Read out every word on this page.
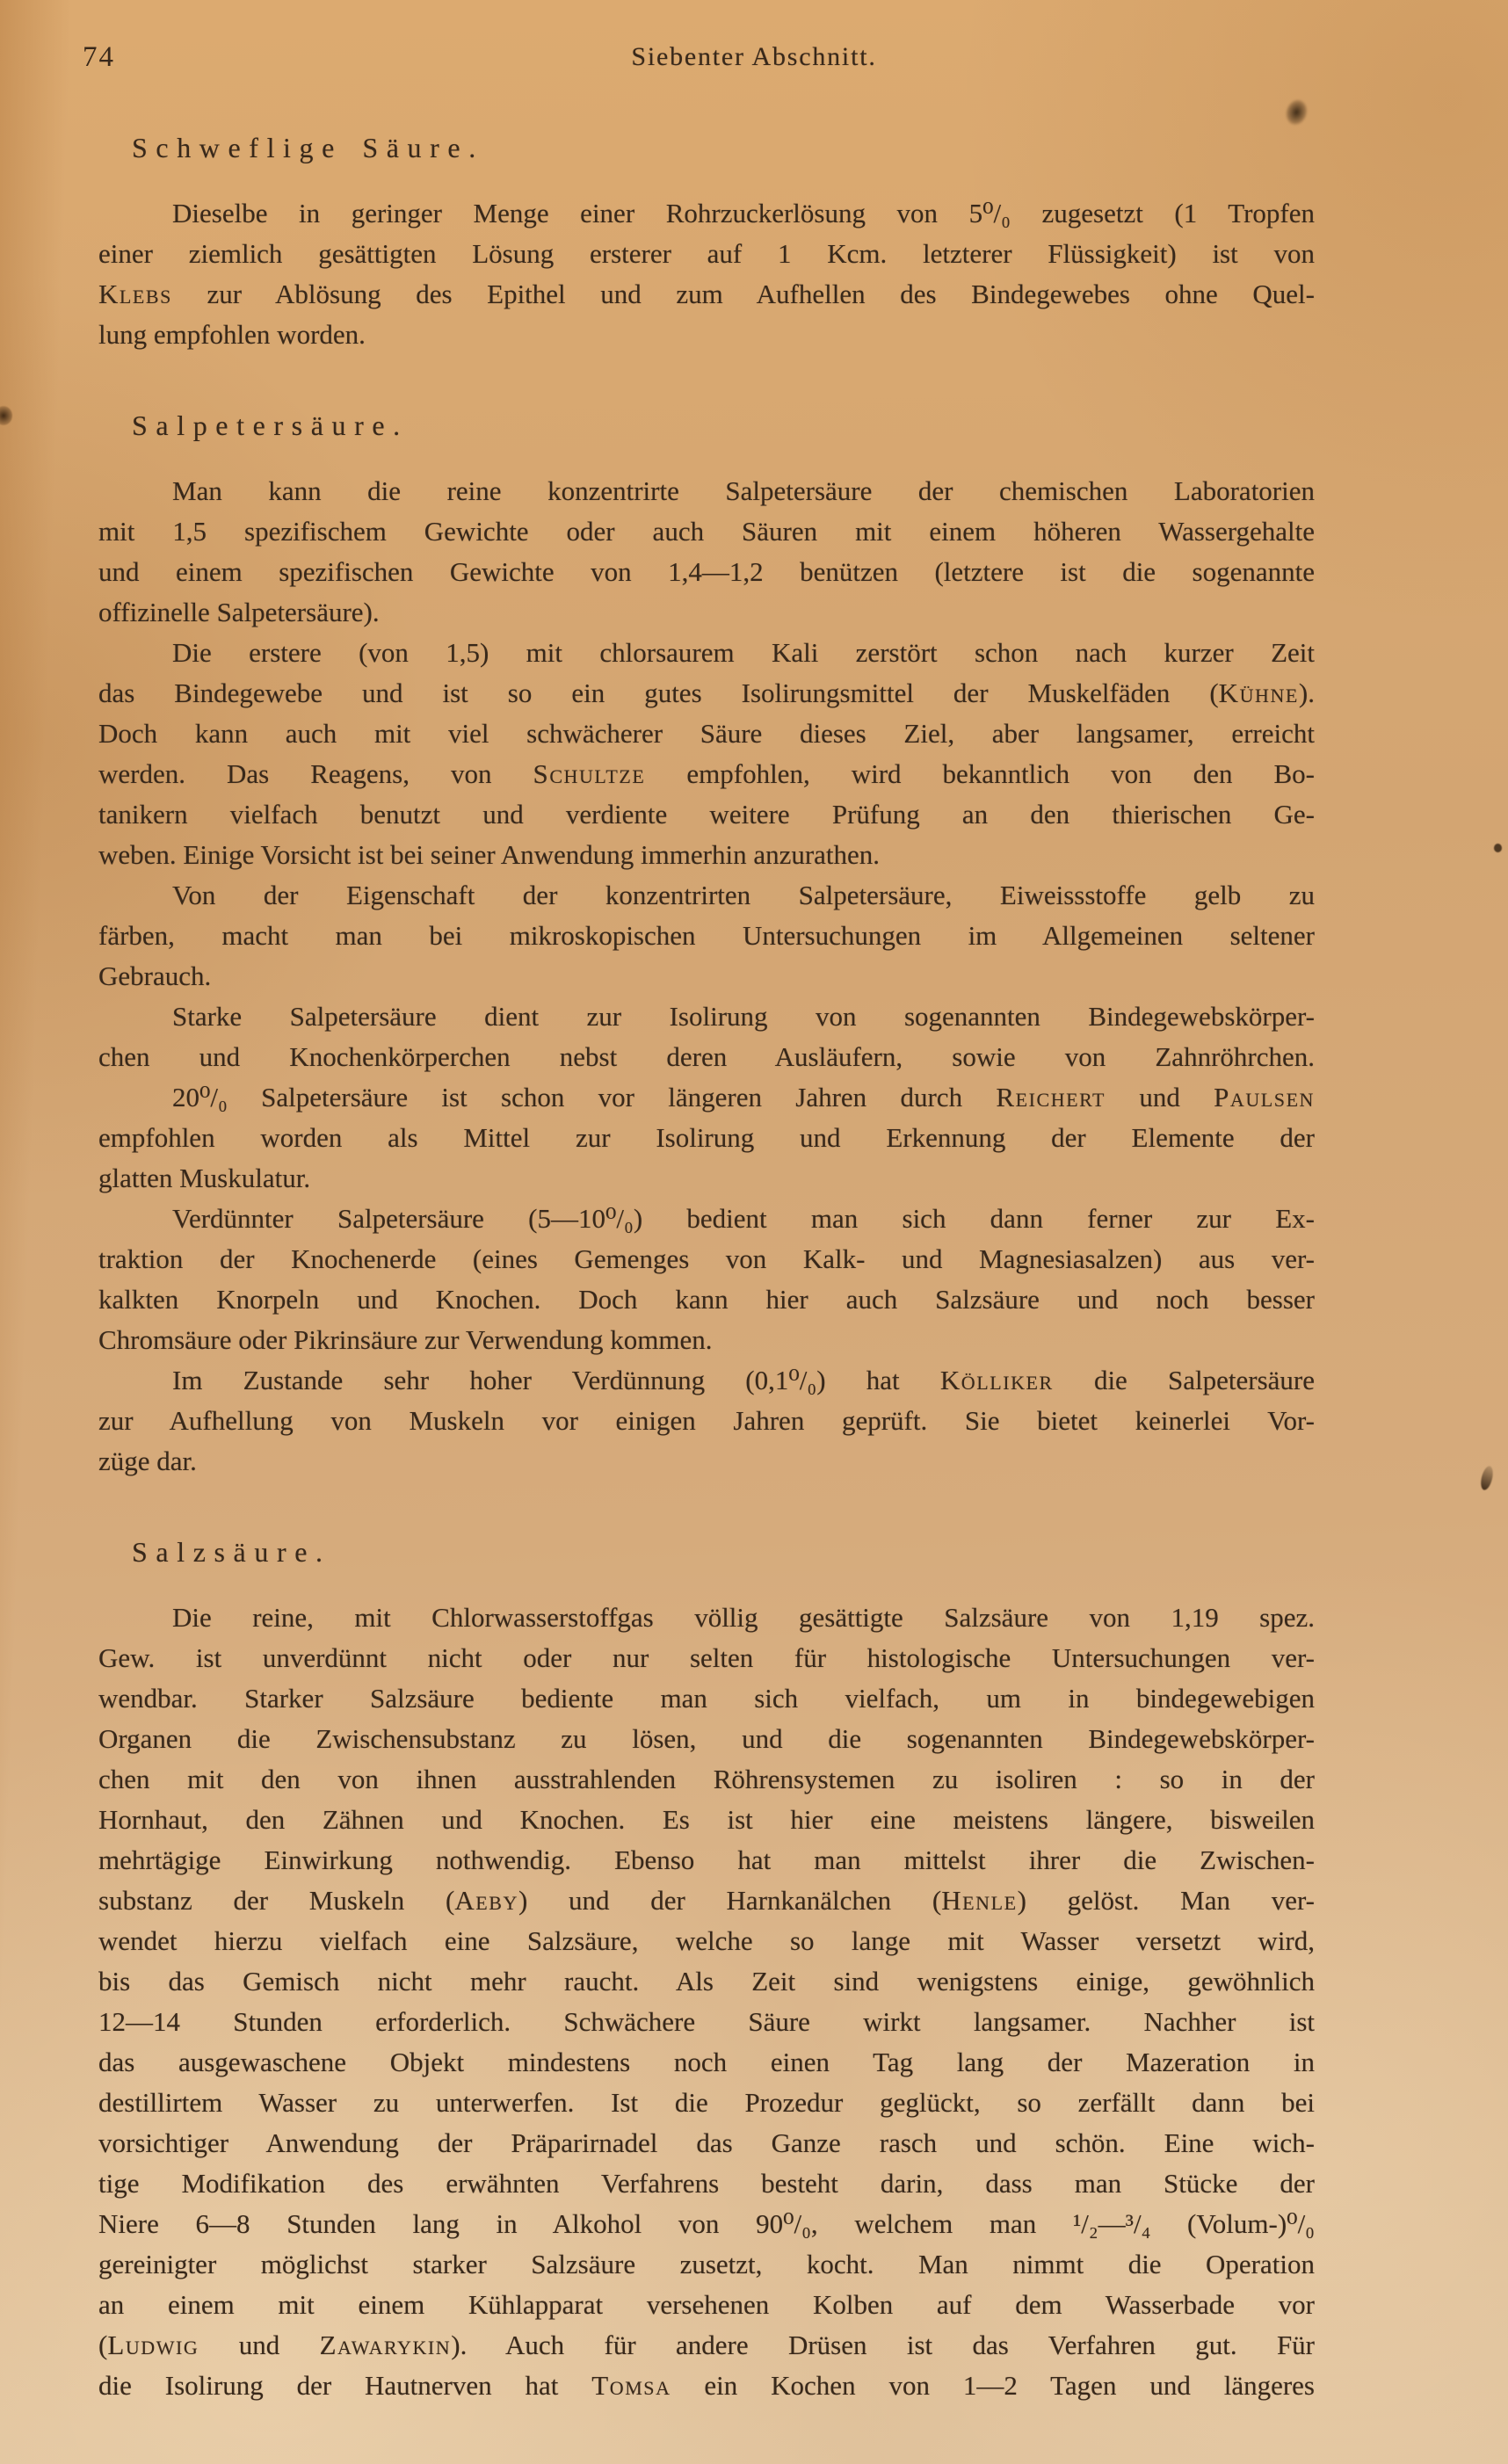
74	Siebenter Abschnitt.
Schweflige Säure.
Dieselbe in geringer Menge einer Rohrzuckerlösung von 5⁰/₀ zugesetzt (1 Tropfen
einer ziemlich gesättigten Lösung ersterer auf 1 Kcm. letzterer Flüssigkeit) ist von
Klebs zur Ablösung des Epithel und zum Aufhellen des Bindegewebes ohne Quel-
lung empfohlen worden.
Salpetersäure.
Man kann die reine konzentrirte Salpetersäure der chemischen Laboratorien
mit 1,5 spezifischem Gewichte oder auch Säuren mit einem höheren Wassergehalte
und einem spezifischen Gewichte von 1,4—1,2 benützen (letztere ist die sogenannte
offizinelle Salpetersäure).
Die erstere (von 1,5) mit chlorsaurem Kali zerstört schon nach kurzer Zeit
das Bindegewebe und ist so ein gutes Isolirungsmittel der Muskelfäden (Kühne).
Doch kann auch mit viel schwächerer Säure dieses Ziel, aber langsamer, erreicht
werden. Das Reagens, von Schultze empfohlen, wird bekanntlich von den Bo-
tanikern vielfach benutzt und verdiente weitere Prüfung an den thierischen Ge-
weben. Einige Vorsicht ist bei seiner Anwendung immerhin anzurathen.
Von der Eigenschaft der konzentrirten Salpetersäure, Eiweissstoffe gelb zu
färben, macht man bei mikroskopischen Untersuchungen im Allgemeinen seltener
Gebrauch.
Starke Salpetersäure dient zur Isolirung von sogenannten Bindegewebskörper-
chen und Knochenkörperchen nebst deren Ausläufern, sowie von Zahnröhrchen.
20⁰/₀ Salpetersäure ist schon vor längeren Jahren durch Reichert und Paulsen
empfohlen worden als Mittel zur Isolirung und Erkennung der Elemente der
glatten Muskulatur.
Verdünnter Salpetersäure (5—10⁰/₀) bedient man sich dann ferner zur Ex-
traktion der Knochenerde (eines Gemenges von Kalk- und Magnesiasalzen) aus ver-
kalkten Knorpeln und Knochen. Doch kann hier auch Salzsäure und noch besser
Chromsäure oder Pikrinsäure zur Verwendung kommen.
Im Zustande sehr hoher Verdünnung (0,1⁰/₀) hat Kölliker die Salpetersäure
zur Aufhellung von Muskeln vor einigen Jahren geprüft. Sie bietet keinerlei Vor-
züge dar.
Salzsäure.
Die reine, mit Chlorwasserstoffgas völlig gesättigte Salzsäure von 1,19 spez.
Gew. ist unverdünnt nicht oder nur selten für histologische Untersuchungen ver-
wendbar. Starker Salzsäure bediente man sich vielfach, um in bindegewebigen
Organen die Zwischensubstanz zu lösen, und die sogenannten Bindegewebskörper-
chen mit den von ihnen ausstrahlenden Röhrensystemen zu isoliren : so in der
Hornhaut, den Zähnen und Knochen. Es ist hier eine meistens längere, bisweilen
mehrtägige Einwirkung nothwendig. Ebenso hat man mittelst ihrer die Zwischen-
substanz der Muskeln (Aeby) und der Harnkanälchen (Henle) gelöst. Man ver-
wendet hierzu vielfach eine Salzsäure, welche so lange mit Wasser versetzt wird,
bis das Gemisch nicht mehr raucht. Als Zeit sind wenigstens einige, gewöhnlich
12—14 Stunden erforderlich. Schwächere Säure wirkt langsamer. Nachher ist
das ausgewaschene Objekt mindestens noch einen Tag lang der Mazeration in
destillirtem Wasser zu unterwerfen. Ist die Prozedur geglückt, so zerfällt dann bei
vorsichtiger Anwendung der Präparirnadel das Ganze rasch und schön. Eine wich-
tige Modifikation des erwähnten Verfahrens besteht darin, dass man Stücke der
Niere 6—8 Stunden lang in Alkohol von 90⁰/₀, welchem man ¹/₂—³/₄ (Volum-)⁰/₀
gereinigter möglichst starker Salzsäure zusetzt, kocht. Man nimmt die Operation
an einem mit einem Kühlapparat versehenen Kolben auf dem Wasserbade vor
(Ludwig und Zawarykin). Auch für andere Drüsen ist das Verfahren gut. Für
die Isolirung der Hautnerven hat Tomsa ein Kochen von 1—2 Tagen und längeres
